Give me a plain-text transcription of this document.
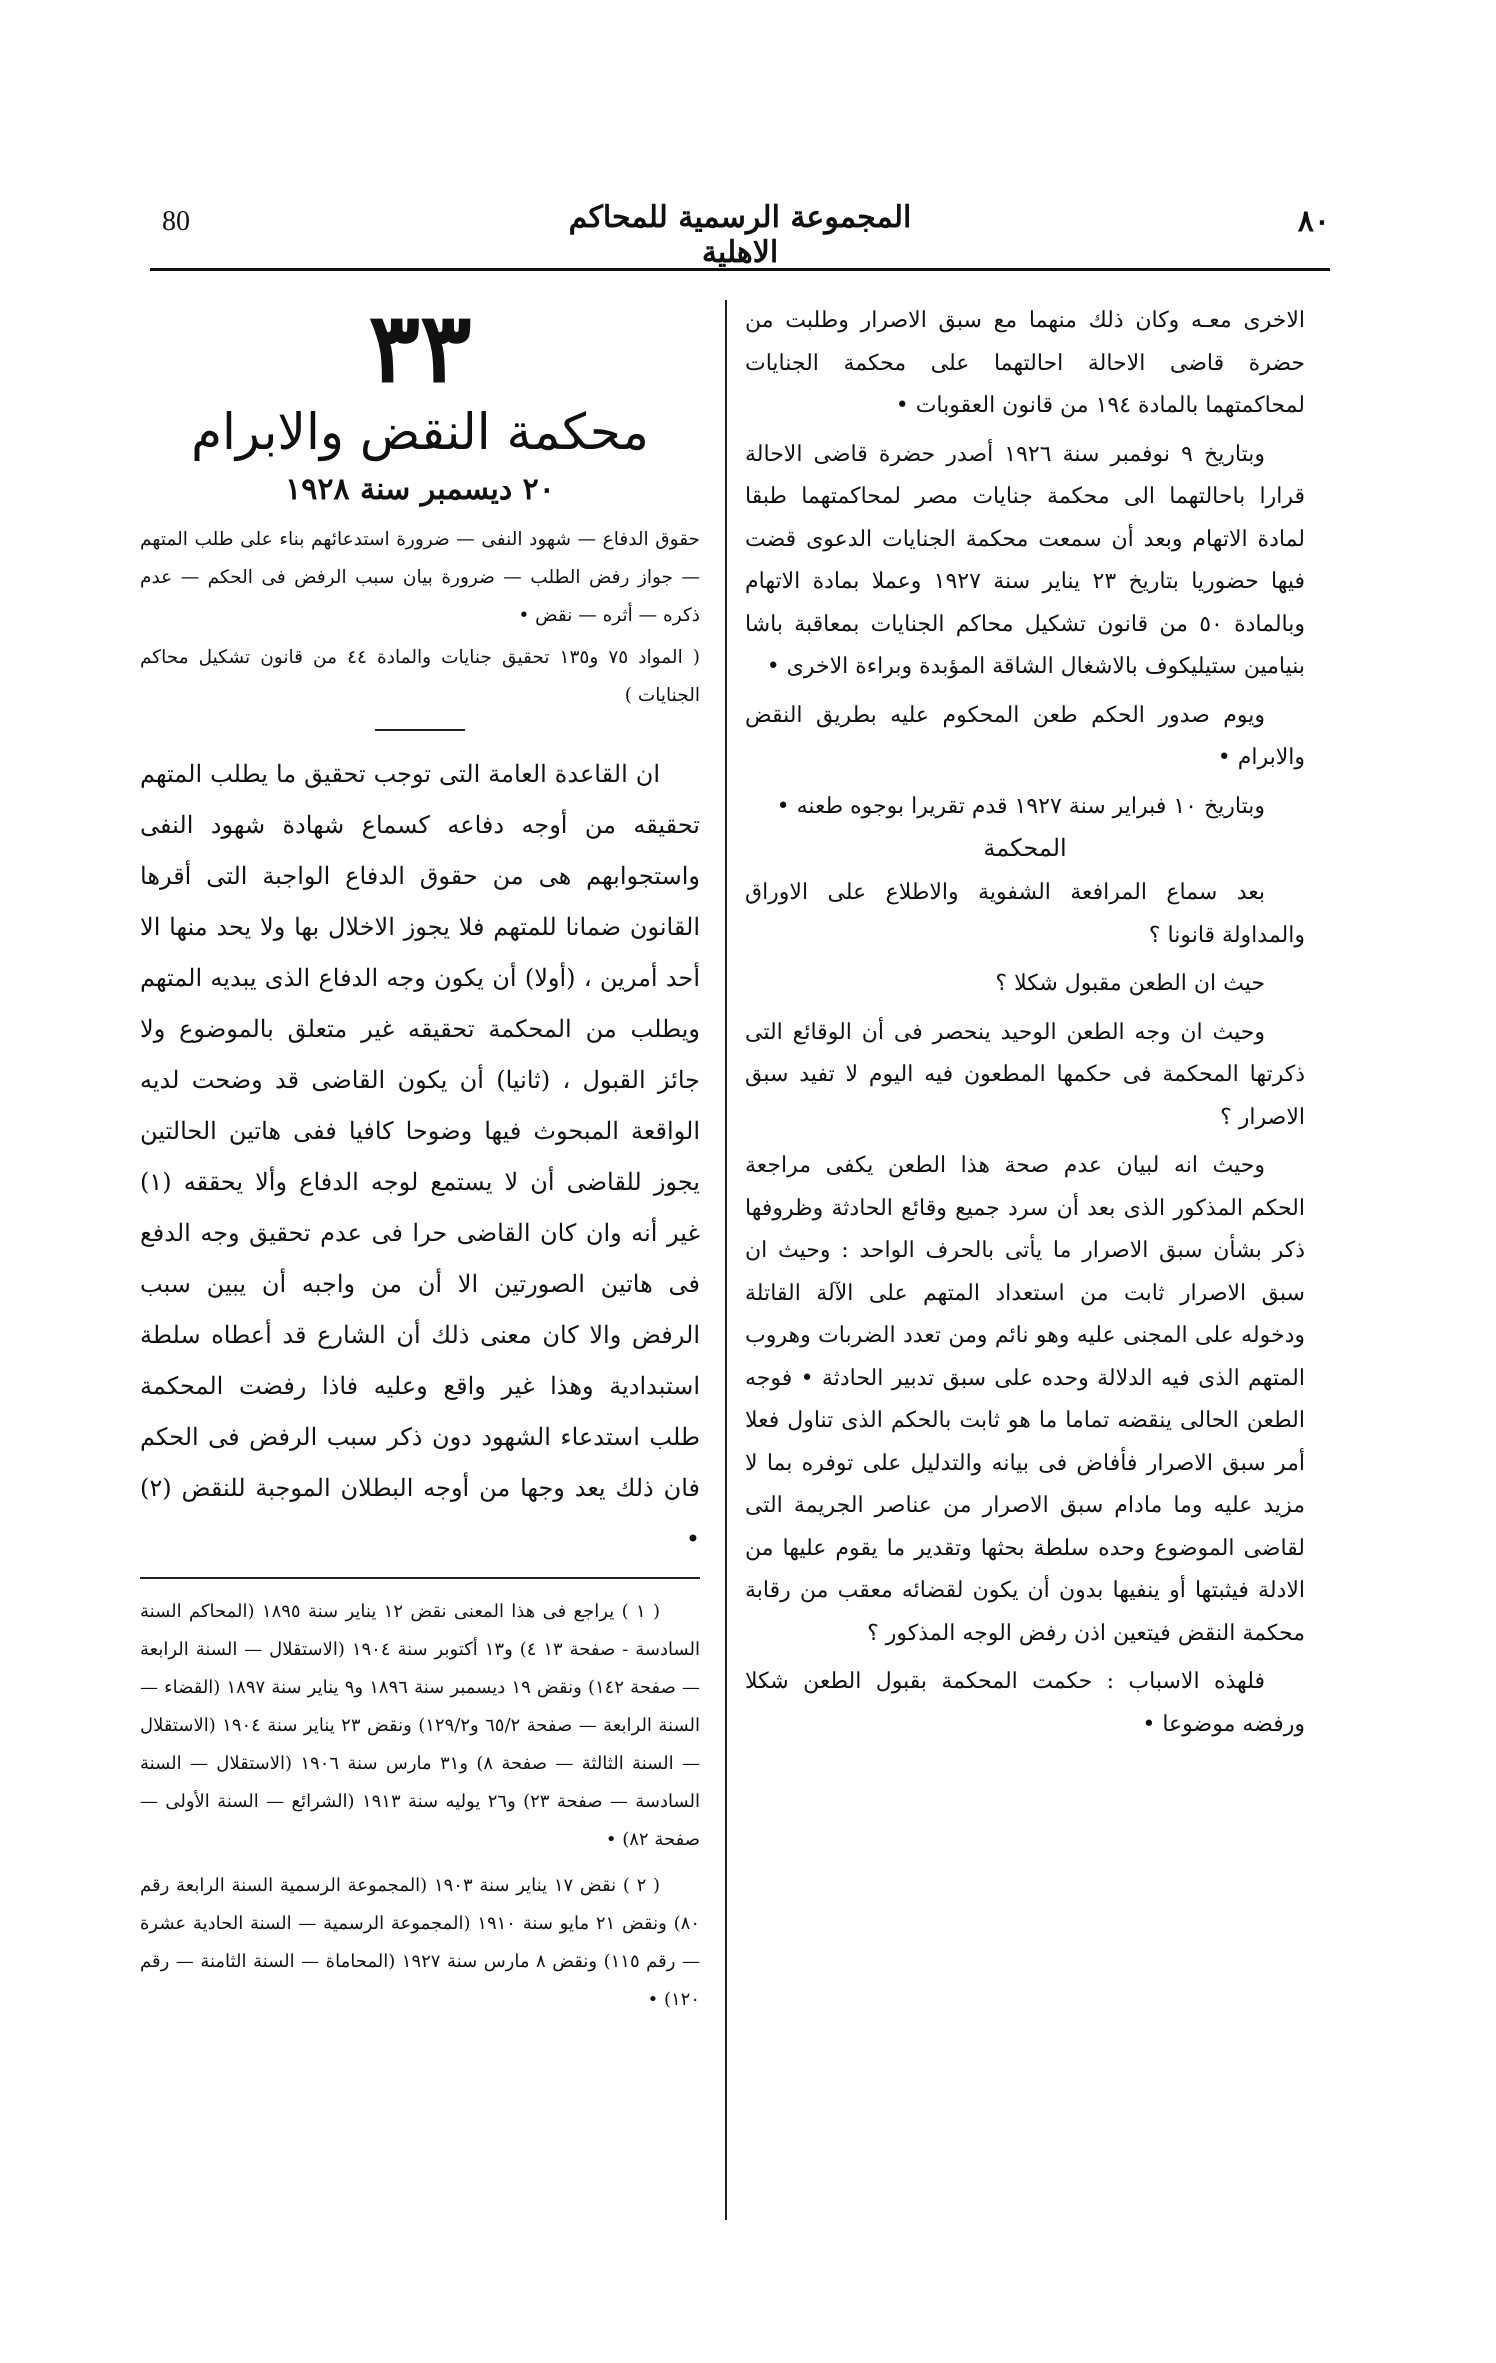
80	المجموعة الرسمية للمحاكم الاهلية
٨٠

الاخرى معـه وكان ذلك منهما مع سبق الاصرار وطلبت من حضرة قاضى الاحالة احالتهما على محكمة الجنايات لمحاكمتهما بالمادة ١٩٤ من قانون العقوبات •

وبتاريخ ٩ نوفمبر سنة ١٩٢٦ أصدر حضرة قاضى الاحالة قرارا باحالتهما الى محكمة جنايات مصر لمحاكمتهما طبقا لمادة الاتهام وبعد أن سمعت محكمة الجنايات الدعوى قضت فيها حضوريا بتاريخ ٢٣ يناير سنة ١٩٢٧ وعملا بمادة الاتهام وبالمادة ٥٠ من قانون تشكيل محاكم الجنايات بمعاقبة باشا بنيامين ستيليكوف بالاشغال الشاقة المؤبدة وبراءة الاخرى •

ويوم صدور الحكم طعن المحكوم عليه بطريق النقض والابرام •

وبتاريخ ١٠ فبراير سنة ١٩٢٧ قدم تقريرا بوجوه طعنه •

المحكمة

بعد سماع المرافعة الشفوية والاطلاع على الاوراق والمداولة قانونا ؟

حيث ان الطعن مقبول شكلا ؟

وحيث ان وجه الطعن الوحيد ينحصر فى أن الوقائع التى ذكرتها المحكمة فى حكمها المطعون فيه اليوم لا تفيد سبق الاصرار ؟

وحيث انه لبيان عدم صحة هذا الطعن يكفى مراجعة الحكم المذكور الذى بعد أن سرد جميع وقائع الحادثة وظروفها ذكر بشأن سبق الاصرار ما يأتى بالحرف الواحد : وحيث ان سبق الاصرار ثابت من استعداد المتهم على الآلة القاتلة ودخوله على المجنى عليه وهو نائم ومن تعدد الضربات وهروب المتهم الذى فيه الدلالة وحده على سبق تدبير الحادثة • فوجه الطعن الحالى ينقضه تماما ما هو ثابت بالحكم الذى تناول فعلا أمر سبق الاصرار فأفاض فى بيانه والتدليل على توفره بما لا مزيد عليه وما مادام سبق الاصرار من عناصر الجريمة التى لقاضى الموضوع وحده سلطة بحثها وتقدير ما يقوم عليها من الادلة فيثبتها أو ينفيها بدون أن يكون لقضائه معقب من رقابة محكمة النقض فيتعين اذن رفض الوجه المذكور ؟

فلهذه الاسباب : حكمت المحكمة بقبول الطعن شكلا ورفضه موضوعا •

٣٣
محكمة النقض والابرام
٢٠ ديسمبر سنة ١٩٢٨

حقوق الدفاع — شهود النفى — ضرورة استدعائهم بناء على طلب المتهم — جواز رفض الطلب — ضرورة بيان سبب الرفض فى الحكم — عدم ذكره — أثره — نقض •

( المواد ٧٥ و١٣٥ تحقيق جنايات والمادة ٤٤ من قانون تشكيل محاكم الجنايات )

ان القاعدة العامة التى توجب تحقيق ما يطلب المتهم تحقيقه من أوجه دفاعه كسماع شهادة شهود النفى واستجوابهم هى من حقوق الدفاع الواجبة التى أقرها القانون ضمانا للمتهم فلا يجوز الاخلال بها ولا يحد منها الا أحد أمرين ، (أولا) أن يكون وجه الدفاع الذى يبديه المتهم ويطلب من المحكمة تحقيقه غير متعلق بالموضوع ولا جائز القبول ، (ثانيا) أن يكون القاضى قد وضحت لديه الواقعة المبحوث فيها وضوحا كافيا ففى هاتين الحالتين يجوز للقاضى أن لا يستمع لوجه الدفاع وألا يحققه (١) غير أنه وان كان القاضى حرا فى عدم تحقيق وجه الدفع فى هاتين الصورتين الا أن من واجبه أن يبين سبب الرفض والا كان معنى ذلك أن الشارع قد أعطاه سلطة استبدادية وهذا غير واقع وعليه فاذا رفضت المحكمة طلب استدعاء الشهود دون ذكر سبب الرفض فى الحكم فان ذلك يعد وجها من أوجه البطلان الموجبة للنقض (٢) •

( ١ ) يراجع فى هذا المعنى نقض ١٢ يناير سنة ١٨٩٥ (المحاكم السنة السادسة - صفحة ١٣ ٤) و١٣ أكتوبر سنة ١٩٠٤ (الاستقلال — السنة الرابعة — صفحة ١٤٢) ونقض ١٩ ديسمبر سنة ١٨٩٦ و٩ يناير سنة ١٨٩٧ (القضاء — السنة الرابعة — صفحة ٦٥/٢ و١٢٩/٢) ونقض ٢٣ يناير سنة ١٩٠٤ (الاستقلال — السنة الثالثة — صفحة ٨) و٣١ مارس سنة ١٩٠٦ (الاستقلال — السنة السادسة — صفحة ٢٣) و٢٦ يوليه سنة ١٩١٣ (الشرائع — السنة الأولى — صفحة ٨٢) •

( ٢ ) نقض ١٧ يناير سنة ١٩٠٣ (المجموعة الرسمية السنة الرابعة رقم ٨٠) ونقض ٢١ مايو سنة ١٩١٠ (المجموعة الرسمية — السنة الحادية عشرة — رقم ١١٥) ونقض ٨ مارس سنة ١٩٢٧ (المحاماة — السنة الثامنة — رقم ١٢٠) •
